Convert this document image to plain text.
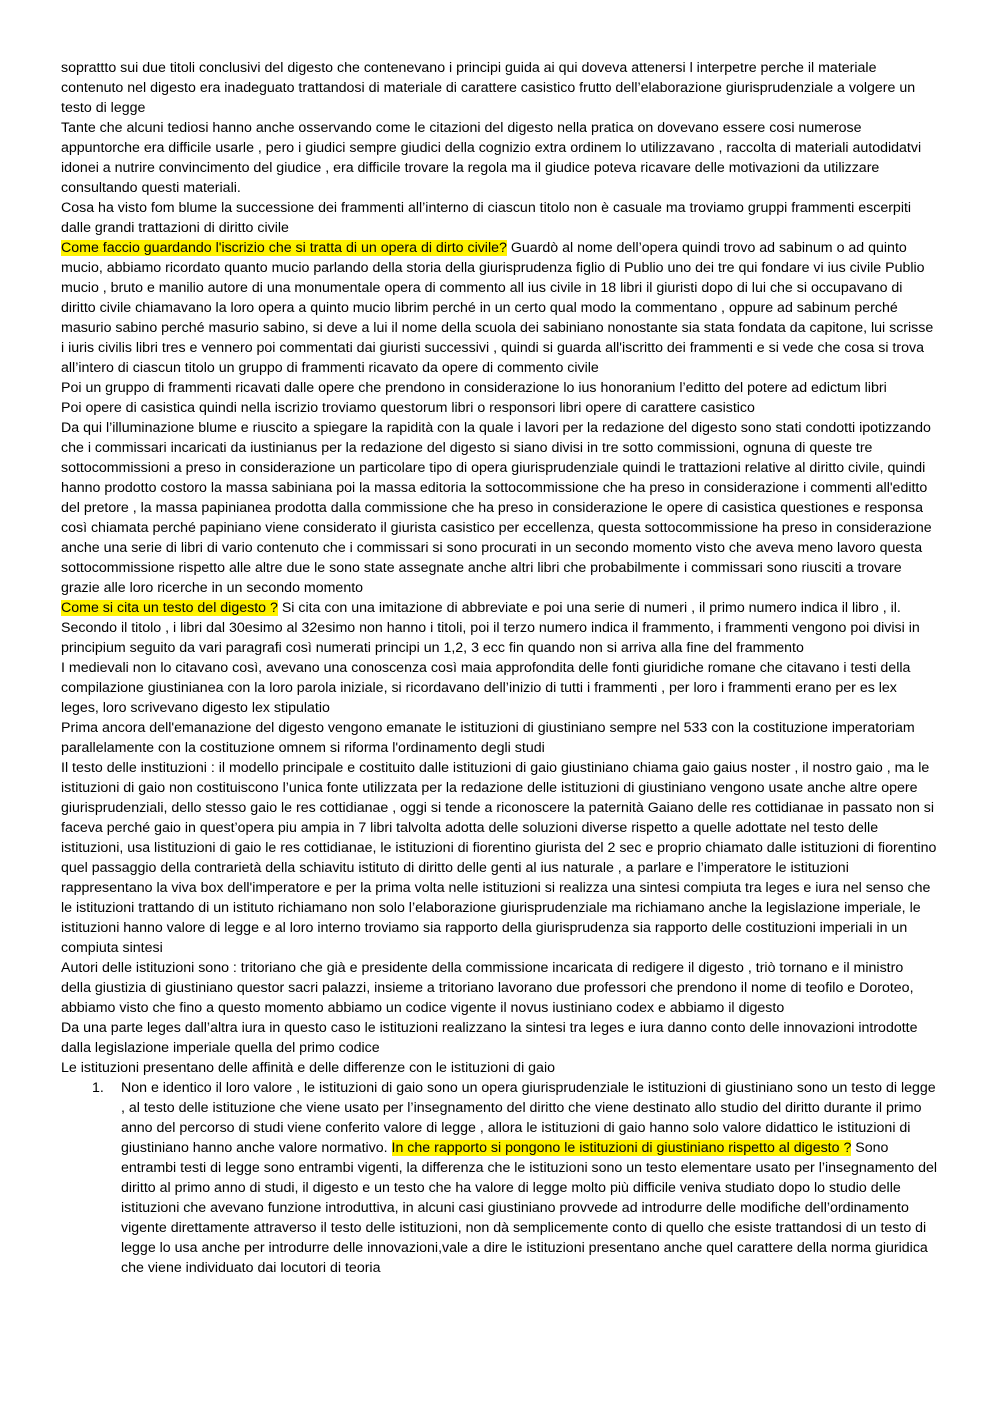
soprattto sui due titoli conclusivi del digesto che contenevano i principi guida ai qui doveva attenersi l interpetre perche il materiale contenuto nel digesto era inadeguato trattandosi di materiale di carattere casistico frutto dell’elaborazione giurisprudenziale a volgere un testo di legge

Tante che alcuni tediosi hanno anche osservando come le citazioni del digesto nella pratica on dovevano essere cosi numerose appuntorche era difficile usarle , pero i giudici sempre giudici della cognizio extra ordinem lo utilizzavano , raccolta di materiali autodidatvi idonei a nutrire convincimento del giudice , era difficile trovare la regola ma il giudice poteva ricavare delle motivazioni da utilizzare consultando questi materiali.

Cosa ha visto fom blume la successione dei frammenti all’interno di ciascun titolo non è casuale ma troviamo gruppi frammenti escerpiti dalle grandi trattazioni di diritto civile

Come faccio guardando l'iscrizio che si tratta di un opera di dirto civile? Guardò al nome dell’opera quindi trovo ad sabinum o ad quinto mucio, abbiamo ricordato quanto mucio parlando della storia della giurisprudenza figlio di Publio uno dei tre qui fondare vi ius civile Publio mucio , bruto e manilio autore di una monumentale opera di commento all ius civile in 18 libri il giuristi dopo di lui che si occupavano di diritto civile chiamavano la loro opera a quinto mucio librim perché in un certo qual modo la commentano , oppure ad sabinum perché masurio sabino perché masurio sabino, si deve a lui il nome della scuola dei sabiniano nonostante sia stata fondata da capitone, lui scrisse i iuris civilis libri tres e vennero poi commentati dai giuristi successivi , quindi si guarda all'iscritto dei frammenti e si vede che cosa si trova all’intero di ciascun titolo un gruppo di frammenti ricavato da opere di commento civile

Poi un gruppo di frammenti ricavati dalle opere che prendono in considerazione lo ius honoranium l’editto del potere ad edictum libri

Poi opere di casistica quindi nella iscrizio troviamo questorum libri o responsori libri opere di carattere casistico

Da qui l’illuminazione blume e riuscito a spiegare la rapidità con la quale i lavori per la redazione del digesto sono stati condotti ipotizzando che i commissari incaricati da iustinianus per la redazione del digesto si siano divisi in tre sotto commissioni, ognuna di queste tre sottocommissioni a preso in considerazione un particolare tipo di opera giurisprudenziale quindi le trattazioni relative al diritto civile, quindi hanno prodotto costoro la massa sabiniana poi la massa editoria la sottocommissione che ha preso in considerazione i commenti all'editto del pretore , la massa papinianea prodotta dalla commissione che ha preso in considerazione le opere di casistica questiones e responsa così chiamata perché papiniano viene considerato il giurista casistico per eccellenza, questa sottocommissione ha preso in considerazione anche una serie di libri di vario contenuto che i commissari si sono procurati in un secondo momento visto che aveva meno lavoro questa sottocommissione rispetto alle altre due le sono state assegnate anche altri libri che probabilmente i commissari sono riusciti a trovare grazie alle loro ricerche in un secondo momento

Come si cita un testo del digesto ? Si cita con una imitazione di abbreviate e poi una serie di numeri , il primo numero indica il libro , il. Secondo il titolo , i libri dal 30esimo al 32esimo non hanno i titoli, poi il terzo numero indica il frammento, i frammenti vengono poi divisi in principium seguito da vari paragrafi così numerati principi un 1,2, 3 ecc fin quando non si arriva alla fine del frammento

I medievali non lo citavano così, avevano una conoscenza così maia approfondita delle fonti giuridiche romane che citavano i testi della compilazione giustinianea con la loro parola iniziale, si ricordavano dell’inizio di tutti i frammenti , per loro i frammenti erano per es lex leges, loro scrivevano digesto lex stipulatio

Prima ancora dell'emanazione del digesto vengono emanate le istituzioni di giustiniano sempre nel 533 con la costituzione imperatoriam parallelamente con la costituzione omnem si riforma l'ordinamento degli studi

Il testo delle instituzioni : il modello principale e costituito dalle istituzioni di gaio giustiniano chiama gaio gaius noster , il nostro gaio , ma le istituzioni di gaio non costituiscono l’unica fonte utilizzata per la redazione delle istituzioni di giustiniano vengono usate anche altre opere giurisprudenziali, dello stesso gaio le res cottidianae , oggi si tende a riconoscere la paternità Gaiano delle res cottidianae in passato non si faceva perché gaio in quest’opera piu ampia in 7 libri talvolta adotta delle soluzioni diverse rispetto a quelle adottate nel testo delle istituzioni, usa listituzioni di gaio le res cottidianae, le istituzioni di fiorentino giurista del 2 sec e proprio chiamato dalle istituzioni di fiorentino quel passaggio della contrarietà della schiavitu istituto di diritto delle genti al ius naturale , a parlare e l’imperatore le istituzioni rappresentano la viva box dell'imperatore e per la prima volta nelle istituzioni si realizza una sintesi compiuta tra leges e iura nel senso che le istituzioni trattando di un istituto richiamano non solo l’elaborazione giurisprudenziale ma richiamano anche la legislazione imperiale, le istituzioni hanno valore di legge e al loro interno troviamo sia rapporto della giurisprudenza sia rapporto delle costituzioni imperiali in un compiuta sintesi

Autori delle istituzioni sono : tritoriano che già e presidente della commissione incaricata di redigere il digesto , triò tornano e il ministro della giustizia di giustiniano questor sacri palazzi, insieme a tritoriano lavorano due professori che prendono il nome di teofilo e Doroteo, abbiamo visto che fino a questo momento abbiamo un codice vigente il novus iustiniano codex e abbiamo il digesto

Da una parte leges dall’altra iura in questo caso le istituzioni realizzano la sintesi tra leges e iura danno conto delle innovazioni introdotte dalla legislazione imperiale quella del primo codice

Le istituzioni presentano delle affinità e delle differenze con le istituzioni di gaio

1. Non e identico il loro valore , le istituzioni di gaio sono un opera giurisprudenziale le istituzioni di giustiniano sono un testo di legge , al testo delle istituzione che viene usato per l’insegnamento del diritto che viene destinato allo studio del diritto durante il primo anno del percorso di studi viene conferito valore di legge , allora le istituzioni di gaio hanno solo valore didattico le istituzioni di giustiniano hanno anche valore normativo. In che rapporto si pongono le istituzioni di giustiniano rispetto al digesto ? Sono entrambi testi di legge sono entrambi vigenti, la differenza che le istituzioni sono un testo elementare usato per l’insegnamento del diritto al primo anno di studi, il digesto e un testo che ha valore di legge molto più difficile veniva studiato dopo lo studio delle istituzioni che avevano funzione introduttiva, in alcuni casi giustiniano provvede ad introdurre delle modifiche dell’ordinamento vigente direttamente attraverso il testo delle istituzioni, non dà semplicemente conto di quello che esiste trattandosi di un testo di legge lo usa anche per introdurre delle innovazioni,vale a dire le istituzioni presentano anche quel carattere della norma giuridica che viene individuato dai locutori di teoria
